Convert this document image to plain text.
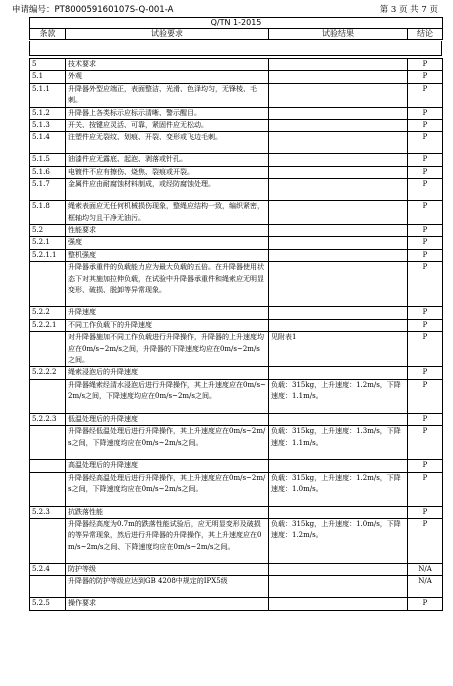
申请编号：PT800059160107S-Q-001-A	第 3 页 共 7 页
Q/TN 1-2015
条款	试验要求	试验结果	结论
5	技术要求		P
5.1	外观		P
5.1.1	升降器外型应端正，表面整洁、光滑、色泽均匀，无锋棱、毛刺。		P
5.1.2	升降器上各类标示应标示清晰、警示醒目。		P
5.1.3	开关、按键应灵活、可靠，紧固件应无松动。		P
5.1.4	注塑件应无裂纹、划痕、开裂、变形或飞边毛刺。		P
5.1.5	油漆件应无露底、起泡、剥落或针孔。		P
5.1.6	电镀件不应有擦伤、烧焦、裂痕或开裂。		P
5.1.7	金属件应由耐腐蚀材料制成，或经防腐蚀处理。		P
5.1.8	绳索表面应无任何机械损伤现象，整绳应结构一致，编织紧密，框轴均匀且干净无油污。		P
5.2	性能要求		P
5.2.1	强度		P
5.2.1.1	整机强度		P
	升降器承重件的负载能力应为最大负载的五倍。在升降器使用状态下对其施加拉伸负载，在试验中升降器承重件和绳索应无明显变形、破损、脱卸等异常现象。		P
5.2.2	升降速度		P
5.2.2.1	不同工作负载下的升降速度		P
	对升降器施加不同工作负载进行升降操作，升降器的上升速度均应在0m/s~2m/s之间，升降器的下降速度均应在0m/s~2m/s之间。	见附表1	P
5.2.2.2	绳索浸泡后的升降速度		P
	升降器绳索经清水浸泡后进行升降操作，其上升速度应在0m/s~2m/s之间，下降速度均应在0m/s~2m/s之间。	负载：315kg，上升速度：1.2m/s，下降速度：1.1m/s。	P
5.2.2.3	低温处理后的升降速度		P
	升降器经低温处理后进行升降操作，其上升速度应在0m/s~2m/s之间，下降速度均应在0m/s~2m/s之间。	负载：315kg，上升速度：1.3m/s，下降速度：1.1m/s。	P
	高温处理后的升降速度		P
	升降器经高温处理后进行升降操作，其上升速度应在0m/s~2m/s之间，下降速度均应在0m/s~2m/s之间。	负载：315kg，上升速度：1.2m/s，下降速度：1.0m/s。	P
5.2.3	抗跌落性能		P
	升降器经高度为0.7m的跌落性能试验后，应无明显变形及破损的等异常现象，然后进行升降器的升降操作，其上升速度应在0m/s~2m/s之间、下降速度均应在0m/s~2m/s之间。	负载：315kg，上升速度：1.0m/s，下降速度：1.2m/s。	P
5.2.4	防护等级		N/A
	升降器的防护等级应达到GB 4208中规定的IPX5级		N/A
5.2.5	操作要求		P
